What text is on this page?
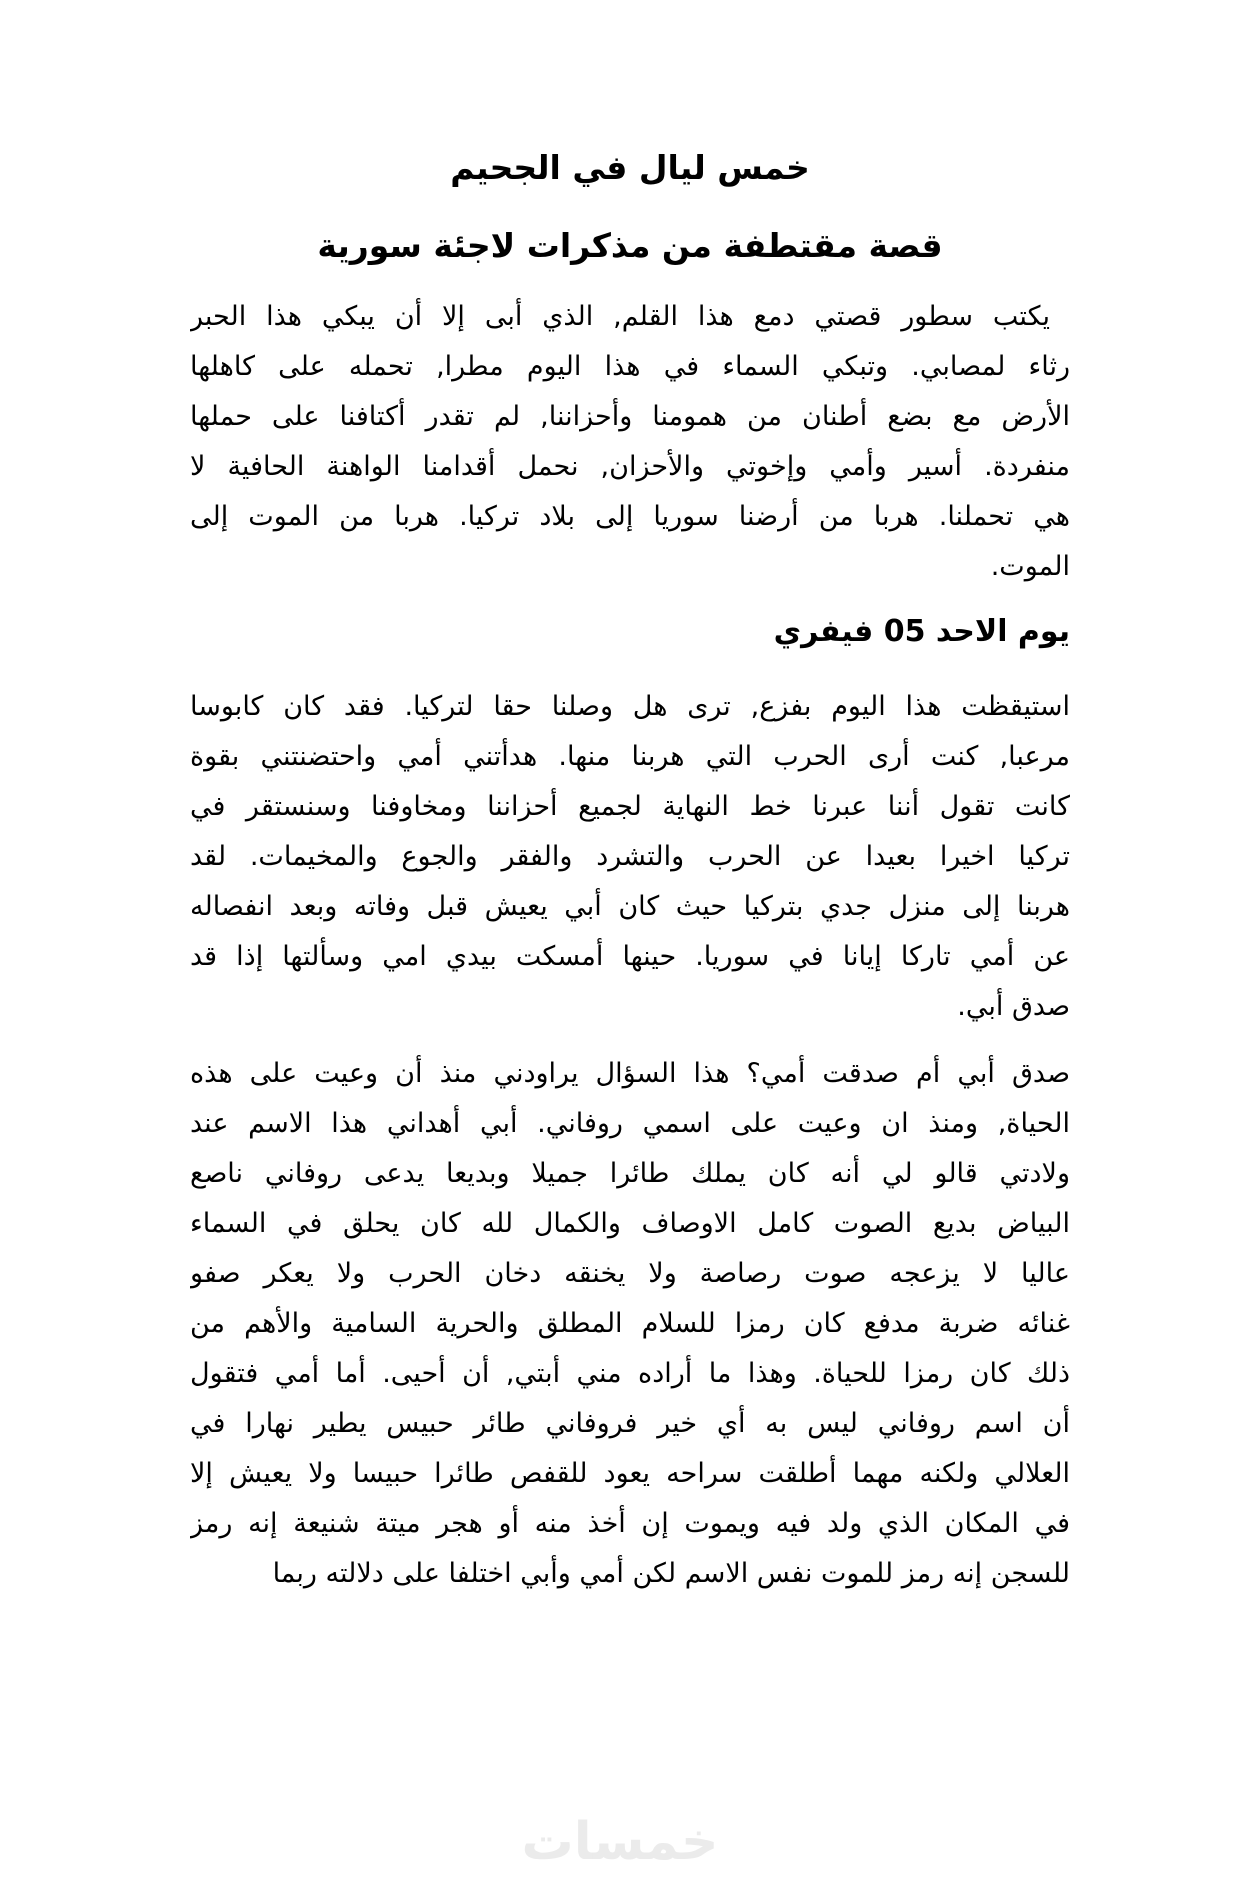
خمس ليال في الجحيم
قصة مقتطفة من مذكرات لاجئة سورية
يكتب سطور قصتي دمع هذا القلم, الذي أبى إلا أن يبكي هذا الحبر
رثاء لمصابي. وتبكي السماء في هذا اليوم مطرا, تحمله على كاهلها
الأرض مع بضع أطنان من همومنا وأحزاننا, لم تقدر أكتافنا على حملها
منفردة. أسير وأمي وإخوتي والأحزان, نحمل أقدامنا الواهنة الحافية لا
هي تحملنا. هربا من أرضنا سوريا إلى بلاد تركيا. هربا من الموت إلى
الموت.
يوم الاحد 05 فيفري
استيقظت هذا اليوم بفزع, ترى هل وصلنا حقا لتركيا. فقد كان كابوسا
مرعبا, كنت أرى الحرب التي هربنا منها. هدأتني أمي واحتضنتني بقوة
كانت تقول أننا عبرنا خط النهاية لجميع أحزاننا ومخاوفنا وسنستقر في
تركيا اخيرا بعيدا عن الحرب والتشرد والفقر والجوع والمخيمات. لقد
هربنا إلى منزل جدي بتركيا حيث كان أبي يعيش قبل وفاته وبعد انفصاله
عن أمي تاركا إيانا في سوريا. حينها أمسكت بيدي امي وسألتها إذا قد
صدق أبي.
صدق أبي أم صدقت أمي؟ هذا السؤال يراودني منذ أن وعيت على هذه
الحياة, ومنذ ان وعيت على اسمي روفاني. أبي أهداني هذا الاسم عند
ولادتي قالو لي أنه كان يملك طائرا جميلا وبديعا يدعى روفاني ناصع
البياض بديع الصوت كامل الاوصاف والكمال لله كان يحلق في السماء
عاليا لا يزعجه صوت رصاصة ولا يخنقه دخان الحرب ولا يعكر صفو
غنائه ضربة مدفع كان رمزا للسلام المطلق والحرية السامية والأهم من
ذلك كان رمزا للحياة. وهذا ما أراده مني أبتي, أن أحيى. أما أمي فتقول
أن اسم روفاني ليس به أي خير فروفاني طائر حبيس يطير نهارا في
العلالي ولكنه مهما أطلقت سراحه يعود للقفص طائرا حبيسا ولا يعيش إلا
في المكان الذي ولد فيه ويموت إن أخذ منه أو هجر ميتة شنيعة إنه رمز
للسجن إنه رمز للموت نفس الاسم لكن أمي وأبي اختلفا على دلالته ربما
خمسات
